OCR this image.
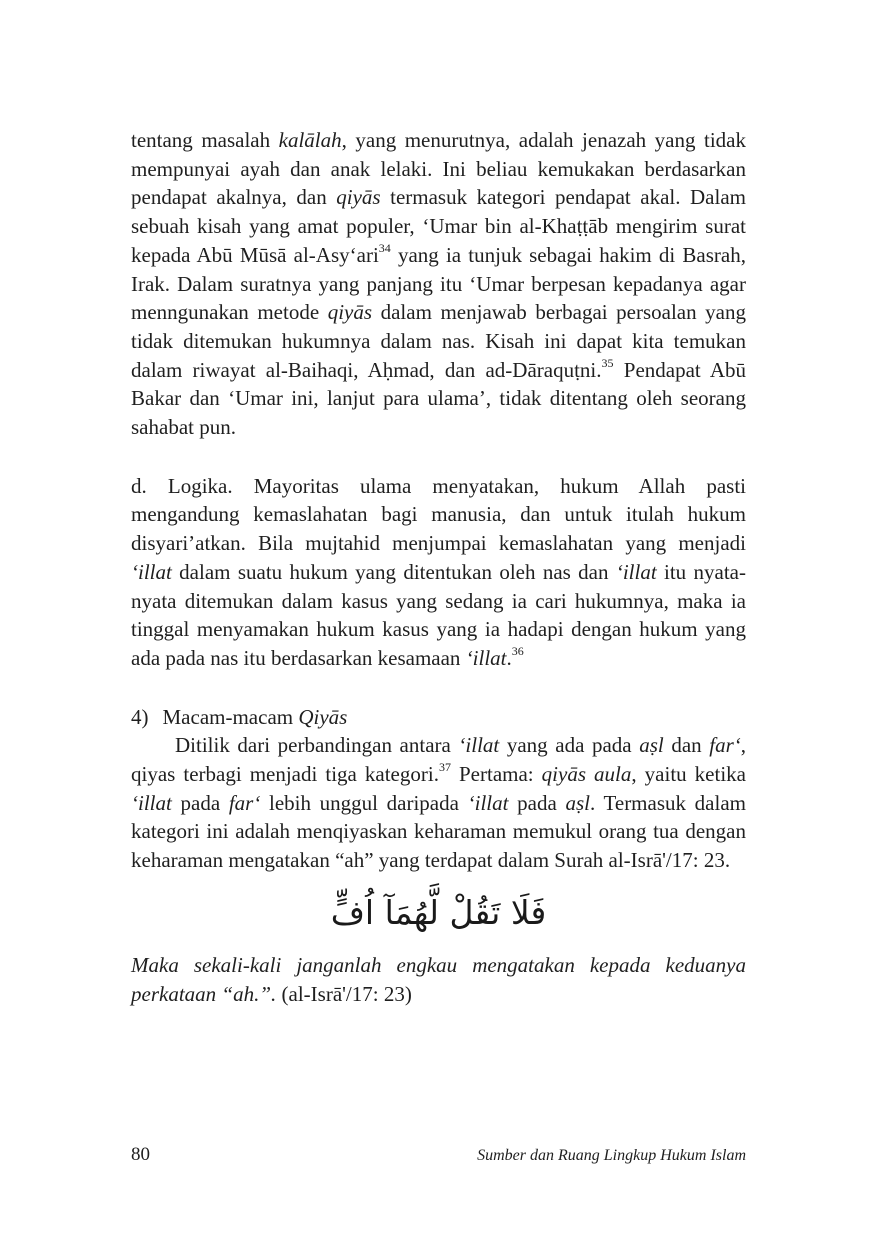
tentang masalah kalālah, yang menurutnya, adalah jenazah yang tidak mempunyai ayah dan anak lelaki. Ini beliau kemukakan berdasarkan pendapat akalnya, dan qiyās termasuk kategori pendapat akal. Dalam sebuah kisah yang amat populer, ‘Umar bin al-Khaṭṭāb mengirim surat kepada Abū Mūsā al-Asy‘ari$^{34}$ yang ia tunjuk sebagai hakim di Basrah, Irak. Dalam suratnya yang panjang itu ‘Umar berpesan kepadanya agar menngunakan metode qiyās dalam menjawab berbagai persoalan yang tidak ditemukan hukumnya dalam nas. Kisah ini dapat kita temukan dalam riwayat al-Baihaqi, Aḥmad, dan ad-Dāraquṭni.$^{35}$ Pendapat Abū Bakar dan ‘Umar ini, lanjut para ulama’, tidak ditentang oleh seorang sahabat pun.

d. Logika. Mayoritas ulama menyatakan, hukum Allah pasti mengandung kemaslahatan bagi manusia, dan untuk itulah hukum disyari’atkan. Bila mujtahid menjumpai kemaslahatan yang menjadi ‘illat dalam suatu hukum yang ditentukan oleh nas dan ‘illat itu nyata-nyata ditemukan dalam kasus yang sedang ia cari hukumnya, maka ia tinggal menyamakan hukum kasus yang ia hadapi dengan hukum yang ada pada nas itu berdasarkan kesamaan ‘illat.$^{36}$

4) Macam-macam Qiyās

Ditilik dari perbandingan antara ‘illat yang ada pada aṣl dan far‘, qiyas terbagi menjadi tiga kategori.$^{37}$ Pertama: qiyās aula, yaitu ketika ‘illat pada far‘ lebih unggul daripada ‘illat pada aṣl. Termasuk dalam kategori ini adalah menqiyaskan keharaman memukul orang tua dengan keharaman mengatakan “ah” yang terdapat dalam Surah al-Isrā'/17: 23.

فَلَا تَقُلْ لَّهُمَآ اُفٍّ

Maka sekali-kali janganlah engkau mengatakan kepada keduanya perkataan “ah.”. (al-Isrā'/17: 23)

80	Sumber dan Ruang Lingkup Hukum Islam
